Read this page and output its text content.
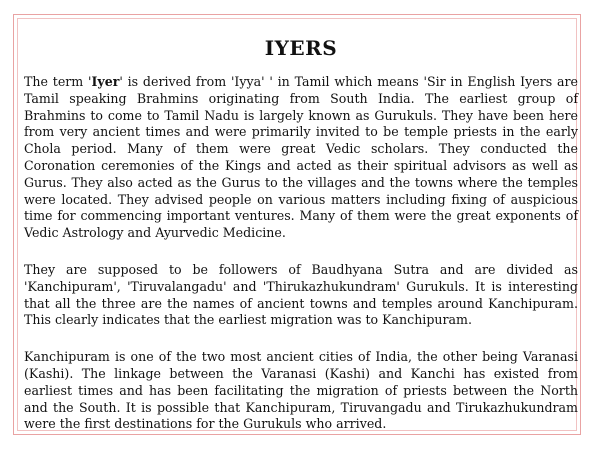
IYERS

The term 'Iyer' is derived from 'Iyya' ' in Tamil which means 'Sir in English Iyers are Tamil speaking Brahmins originating from South India. The earliest group of Brahmins to come to Tamil Nadu is largely known as Gurukuls. They have been here from very ancient times and were primarily invited to be temple priests in the early Chola period. Many of them were great Vedic scholars. They conducted the Coronation ceremonies of the Kings and acted as their spiritual advisors as well as Gurus. They also acted as the Gurus to the villages and the towns where the temples were located. They advised people on various matters including fixing of auspicious time for commencing important ventures. Many of them were the great exponents of Vedic Astrology and Ayurvedic Medicine.

They are supposed to be followers of Baudhyana Sutra and are divided as 'Kanchipuram', 'Tiruvalangadu' and 'Thirukazhukundram' Gurukuls. It is interesting that all the three are the names of ancient towns and temples around Kanchipuram. This clearly indicates that the earliest migration was to Kanchipuram.

Kanchipuram is one of the two most ancient cities of India, the other being Varanasi (Kashi). The linkage between the Varanasi (Kashi) and Kanchi has existed from earliest times and has been facilitating the migration of priests between the North and the South. It is possible that Kanchipuram, Tiruvangadu and Tirukazhukundram were the first destinations for the Gurukuls who arrived.
